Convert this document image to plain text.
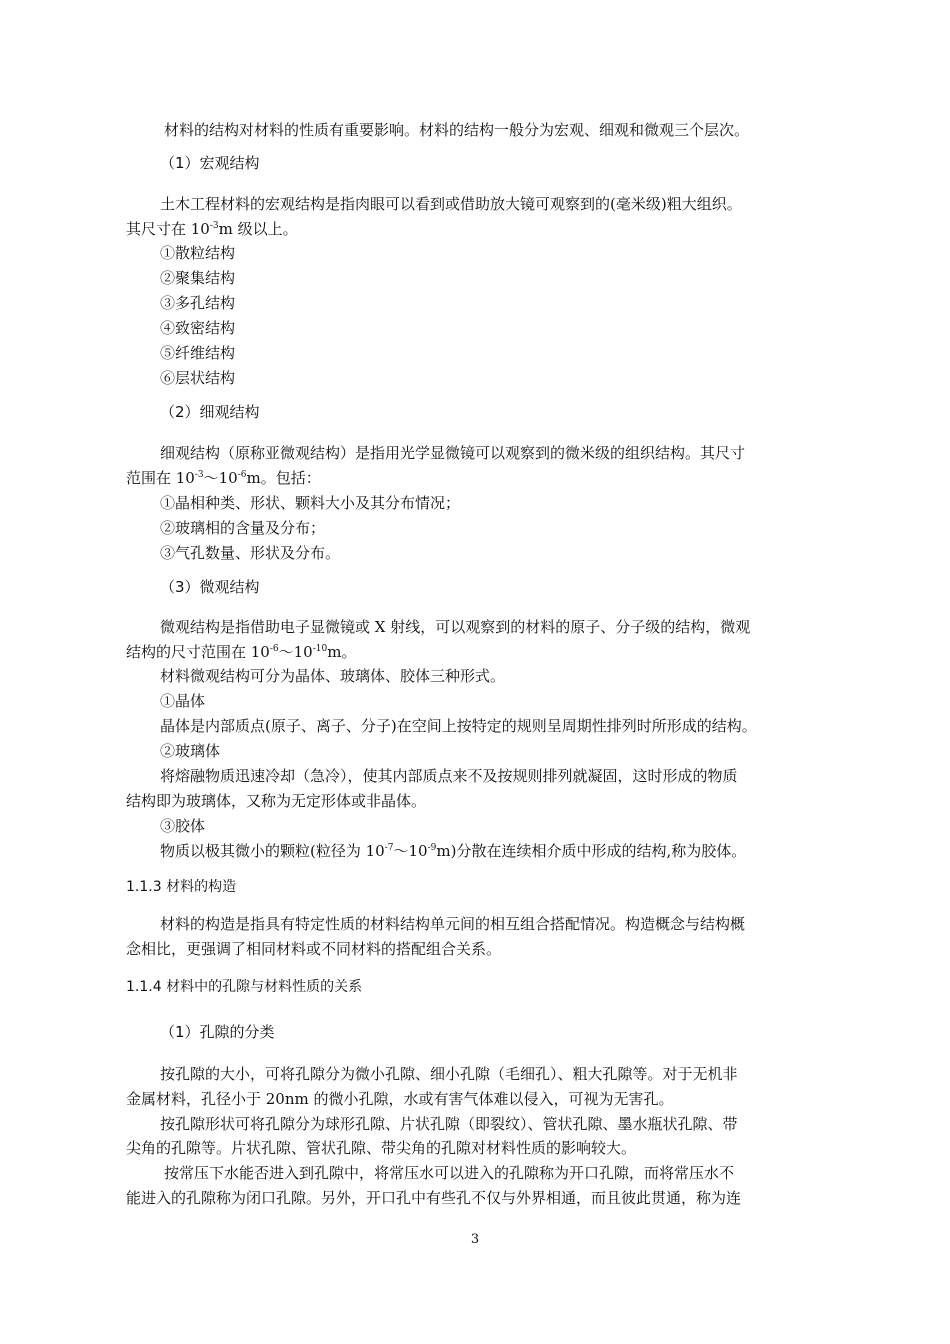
材料的结构对材料的性质有重要影响。材料的结构一般分为宏观、细观和微观三个层次。
（1）宏观结构
土木工程材料的宏观结构是指肉眼可以看到或借助放大镜可观察到的(毫米级)粗大组织。
其尺寸在 $10^{-3}m$ 级以上。
①散粒结构
②聚集结构
③多孔结构
④致密结构
⑤纤维结构
⑥层状结构
（2）细观结构
细观结构（原称亚微观结构）是指用光学显微镜可以观察到的微米级的组织结构。其尺寸
范围在 $10^{-3}\sim 10^{-6}m$。包括：
①晶相种类、形状、颗料大小及其分布情况；
②玻璃相的含量及分布；
③气孔数量、形状及分布。
（3）微观结构
微观结构是指借助电子显微镜或 X 射线，可以观察到的材料的原子、分子级的结构，微观
结构的尺寸范围在 $10^{-6}\sim 10^{-10}m$。
材料微观结构可分为晶体、玻璃体、胶体三种形式。
①晶体
晶体是内部质点(原子、离子、分子)在空间上按特定的规则呈周期性排列时所形成的结构。
②玻璃体
将熔融物质迅速冷却（急冷），使其内部质点来不及按规则排列就凝固，这时形成的物质
结构即为玻璃体，又称为无定形体或非晶体。
③胶体
物质以极其微小的颗粒(粒径为 $10^{-7}\sim 10^{-9}m$)分散在连续相介质中形成的结构,称为胶体。
1.1.3 材料的构造
材料的构造是指具有特定性质的材料结构单元间的相互组合搭配情况。构造概念与结构概
念相比，更强调了相同材料或不同材料的搭配组合关系。
1.1.4 材料中的孔隙与材料性质的关系
（1）孔隙的分类
按孔隙的大小，可将孔隙分为微小孔隙、细小孔隙（毛细孔）、粗大孔隙等。对于无机非
金属材料，孔径小于 20nm 的微小孔隙，水或有害气体难以侵入，可视为无害孔。
按孔隙形状可将孔隙分为球形孔隙、片状孔隙（即裂纹）、管状孔隙、墨水瓶状孔隙、带
尖角的孔隙等。片状孔隙、管状孔隙、带尖角的孔隙对材料性质的影响较大。
按常压下水能否进入到孔隙中，将常压水可以进入的孔隙称为开口孔隙，而将常压水不
能进入的孔隙称为闭口孔隙。另外，开口孔中有些孔不仅与外界相通，而且彼此贯通，称为连
3
